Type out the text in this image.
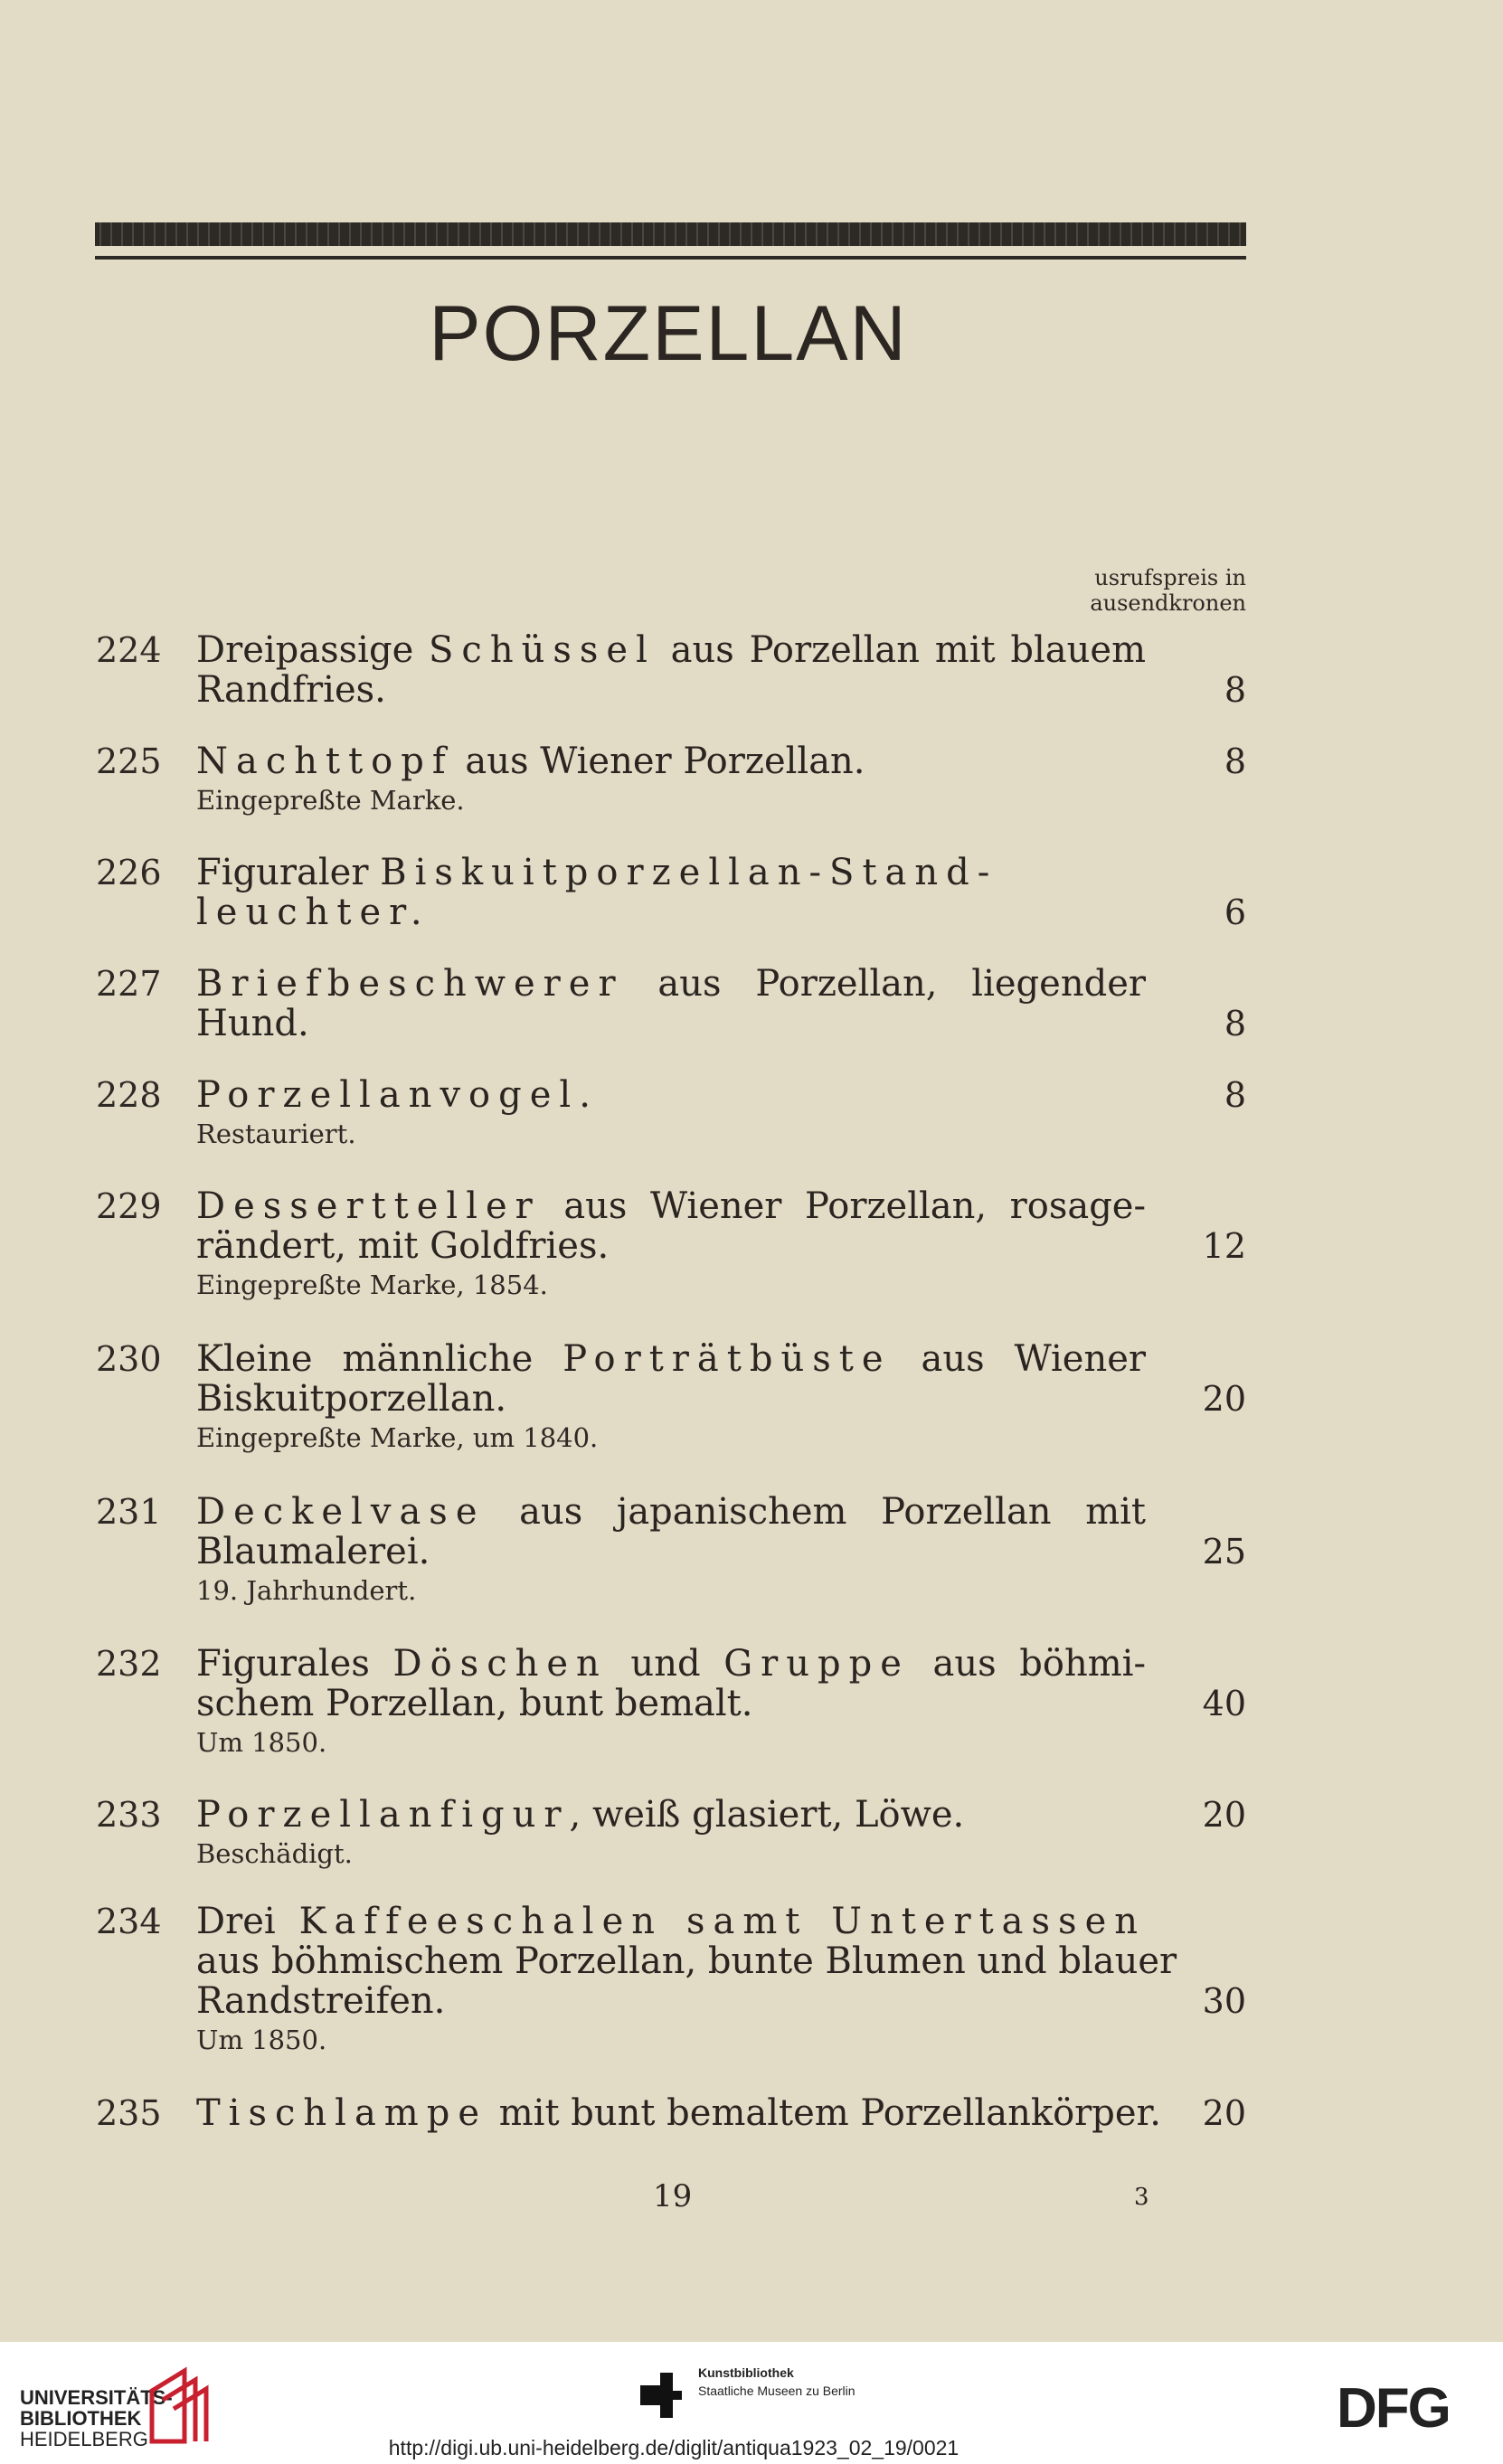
PORZELLAN
usrufspreis in
ausendkronen
224 Dreipassige Schüssel aus Porzellan mit blauem
Randfries.	8
225 Nachttopf aus Wiener Porzellan.	8
Eingepreßte Marke.
226 Figuraler Biskuitporzellan-Stand-
leuchter.	6
227 Briefbeschwerer aus Porzellan, liegender
Hund.	8
228 Porzellanvogel.	8
Restauriert.
229 Dessertteller aus Wiener Porzellan, rosage-
rändert, mit Goldfries.	12
Eingepreßte Marke, 1854.
230 Kleine männliche Porträtbüste aus Wiener
Biskuitporzellan.	20
Eingepreßte Marke, um 1840.
231 Deckelvase aus japanischem Porzellan mit
Blaumalerei.	25
19. Jahrhundert.
232 Figurales Döschen und Gruppe aus böhmi-
schem Porzellan, bunt bemalt.	40
Um 1850.
233 Porzellanfigur, weiß glasiert, Löwe.	20
Beschädigt.
234 Drei Kaffeeschalen samt Untertassen
aus böhmischem Porzellan, bunte Blumen und blauer
Randstreifen.	30
Um 1850.
235 Tischlampe mit bunt bemaltem Porzellankörper. 20
19	3
UNIVERSITÄTS-
BIBLIOTHEK
HEIDELBERG
Kunstbibliothek
Staatliche Museen zu Berlin	DFG
http://digi.ub.uni-heidelberg.de/diglit/antiqua1923_02_19/0021
